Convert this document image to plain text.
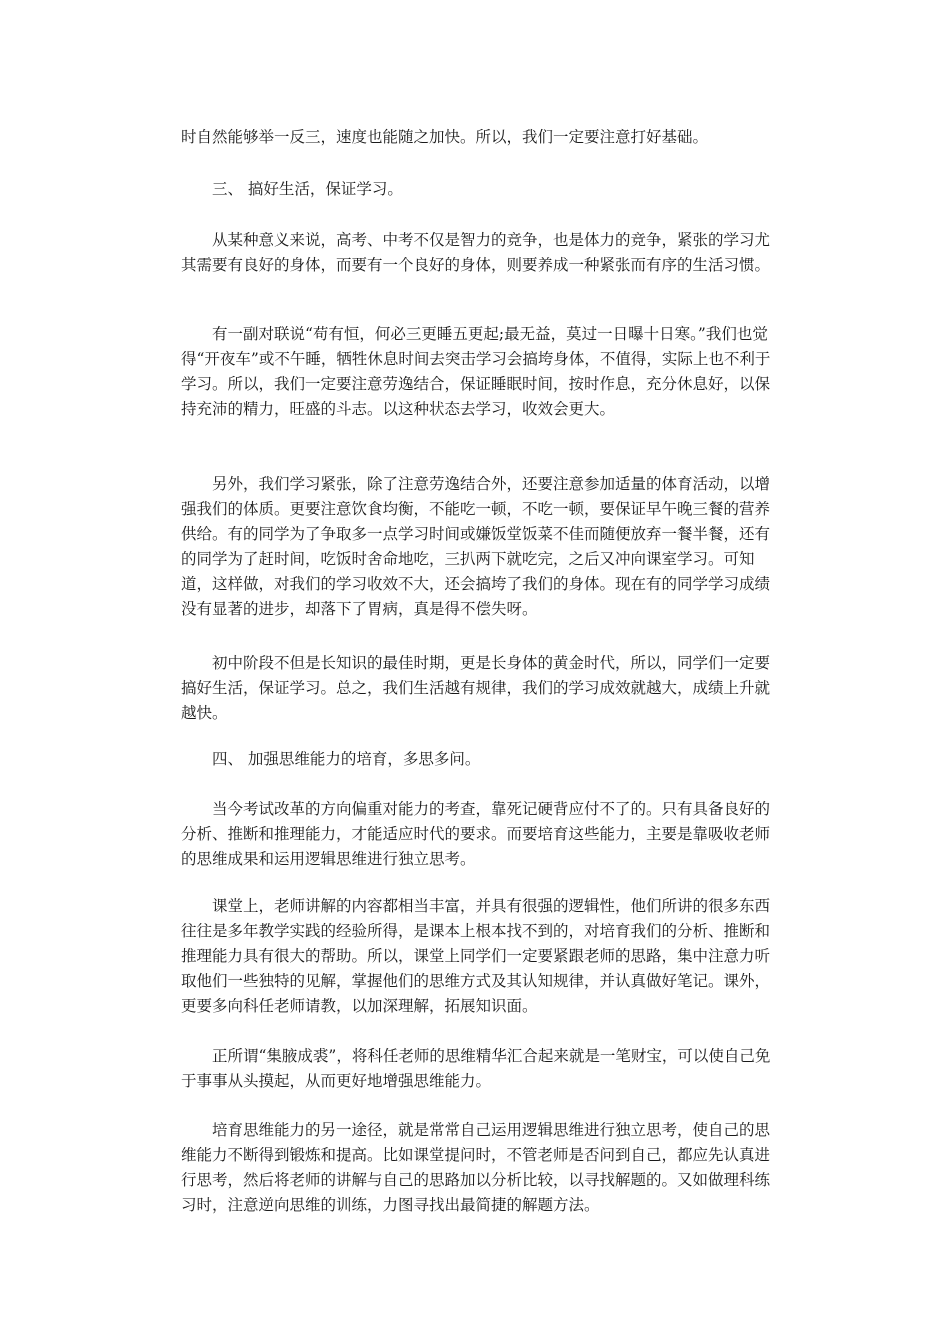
时自然能够举一反三，速度也能随之加快。所以，我们一定要注意打好基础。

三、 搞好生活，保证学习。

从某种意义来说，高考、中考不仅是智力的竞争，也是体力的竞争，紧张的学习尤其需要有良好的身体，而要有一个良好的身体，则要养成一种紧张而有序的生活习惯。

有一副对联说“苟有恒，何必三更睡五更起;最无益，莫过一日曝十日寒。”我们也觉得“开夜车”或不午睡，牺牲休息时间去突击学习会搞垮身体，不值得，实际上也不利于学习。所以，我们一定要注意劳逸结合，保证睡眠时间，按时作息，充分休息好，以保持充沛的精力，旺盛的斗志。以这种状态去学习，收效会更大。

另外，我们学习紧张，除了注意劳逸结合外，还要注意参加适量的体育活动，以增强我们的体质。更要注意饮食均衡，不能吃一顿，不吃一顿，要保证早午晚三餐的营养供给。有的同学为了争取多一点学习时间或嫌饭堂饭菜不佳而随便放弃一餐半餐，还有的同学为了赶时间，吃饭时舍命地吃，三扒两下就吃完，之后又冲向课室学习。可知道，这样做，对我们的学习收效不大，还会搞垮了我们的身体。现在有的同学学习成绩没有显著的进步，却落下了胃病，真是得不偿失呀。

初中阶段不但是长知识的最佳时期，更是长身体的黄金时代，所以，同学们一定要搞好生活，保证学习。总之，我们生活越有规律，我们的学习成效就越大，成绩上升就越快。

四、 加强思维能力的培育，多思多问。

当今考试改革的方向偏重对能力的考查，靠死记硬背应付不了的。只有具备良好的分析、推断和推理能力，才能适应时代的要求。而要培育这些能力，主要是靠吸收老师的思维成果和运用逻辑思维进行独立思考。

课堂上，老师讲解的内容都相当丰富，并具有很强的逻辑性，他们所讲的很多东西往往是多年教学实践的经验所得，是课本上根本找不到的，对培育我们的分析、推断和推理能力具有很大的帮助。所以，课堂上同学们一定要紧跟老师的思路，集中注意力听取他们一些独特的见解，掌握他们的思维方式及其认知规律，并认真做好笔记。课外，更要多向科任老师请教，以加深理解，拓展知识面。

正所谓“集腋成裘”，将科任老师的思维精华汇合起来就是一笔财宝，可以使自己免于事事从头摸起，从而更好地增强思维能力。

培育思维能力的另一途径，就是常常自己运用逻辑思维进行独立思考，使自己的思维能力不断得到锻炼和提高。比如课堂提问时，不管老师是否问到自己，都应先认真进行思考，然后将老师的讲解与自己的思路加以分析比较，以寻找解题的。又如做理科练习时，注意逆向思维的训练，力图寻找出最简捷的解题方法。
